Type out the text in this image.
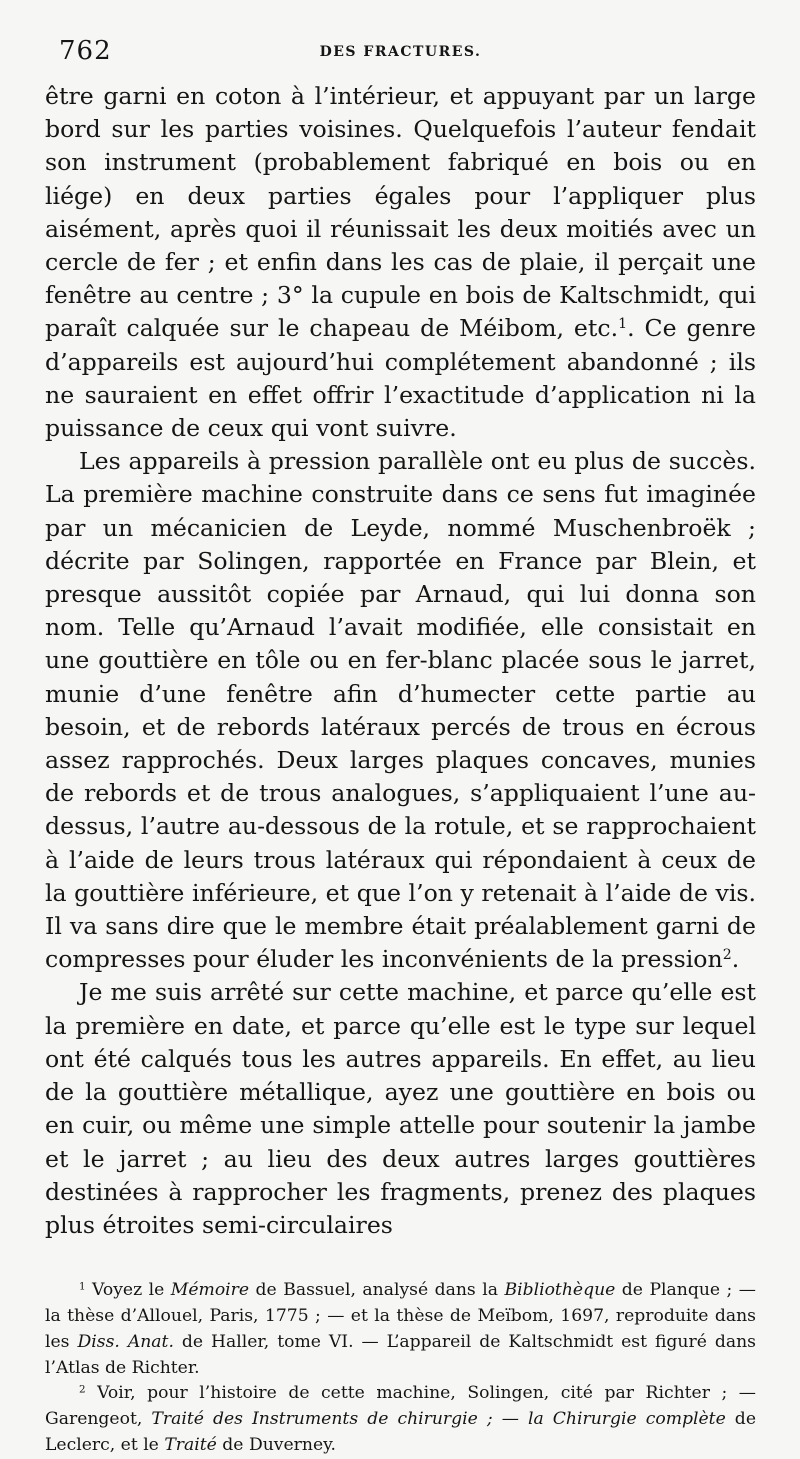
762	DES FRACTURES.

être garni en coton à l’intérieur, et appuyant par un large bord sur les parties voisines. Quelquefois l’auteur fendait son instrument (probablement fabriqué en bois ou en liége) en deux parties égales pour l’appliquer plus aisément, après quoi il réunissait les deux moitiés avec un cercle de fer ; et enfin dans les cas de plaie, il perçait une fenêtre au centre ; 3° la cupule en bois de Kaltschmidt, qui paraît calquée sur le chapeau de Méibom, etc.$^1$. Ce genre d’appareils est aujourd’hui complétement abandonné ; ils ne sauraient en effet offrir l’exactitude d’application ni la puissance de ceux qui vont suivre.

Les appareils à pression parallèle ont eu plus de succès. La première machine construite dans ce sens fut imaginée par un mécanicien de Leyde, nommé Muschenbroëk ; décrite par Solingen, rapportée en France par Blein, et presque aussitôt copiée par Arnaud, qui lui donna son nom. Telle qu’Arnaud l’avait modifiée, elle consistait en une gouttière en tôle ou en fer-blanc placée sous le jarret, munie d’une fenêtre afin d’humecter cette partie au besoin, et de rebords latéraux percés de trous en écrous assez rapprochés. Deux larges plaques concaves, munies de rebords et de trous analogues, s’appliquaient l’une au-dessus, l’autre au-dessous de la rotule, et se rapprochaient à l’aide de leurs trous latéraux qui répondaient à ceux de la gouttière inférieure, et que l’on y retenait à l’aide de vis. Il va sans dire que le membre était préalablement garni de compresses pour éluder les inconvénients de la pression$^2$.

Je me suis arrêté sur cette machine, et parce qu’elle est la première en date, et parce qu’elle est le type sur lequel ont été calqués tous les autres appareils. En effet, au lieu de la gouttière métallique, ayez une gouttière en bois ou en cuir, ou même une simple attelle pour soutenir la jambe et le jarret ; au lieu des deux autres larges gouttières destinées à rapprocher les fragments, prenez des plaques plus étroites semi-circulaires

$^1$ Voyez le Mémoire de Bassuel, analysé dans la Bibliothèque de Planque ; — la thèse d’Allouel, Paris, 1775 ; — et la thèse de Meïbom, 1697, reproduite dans les Diss. Anat. de Haller, tome VI. — L’appareil de Kaltschmidt est figuré dans l’Atlas de Richter.

$^2$ Voir, pour l’histoire de cette machine, Solingen, cité par Richter ; — Garengeot, Traité des Instruments de chirurgie ; — la Chirurgie complète de Leclerc, et le Traité de Duverney.
